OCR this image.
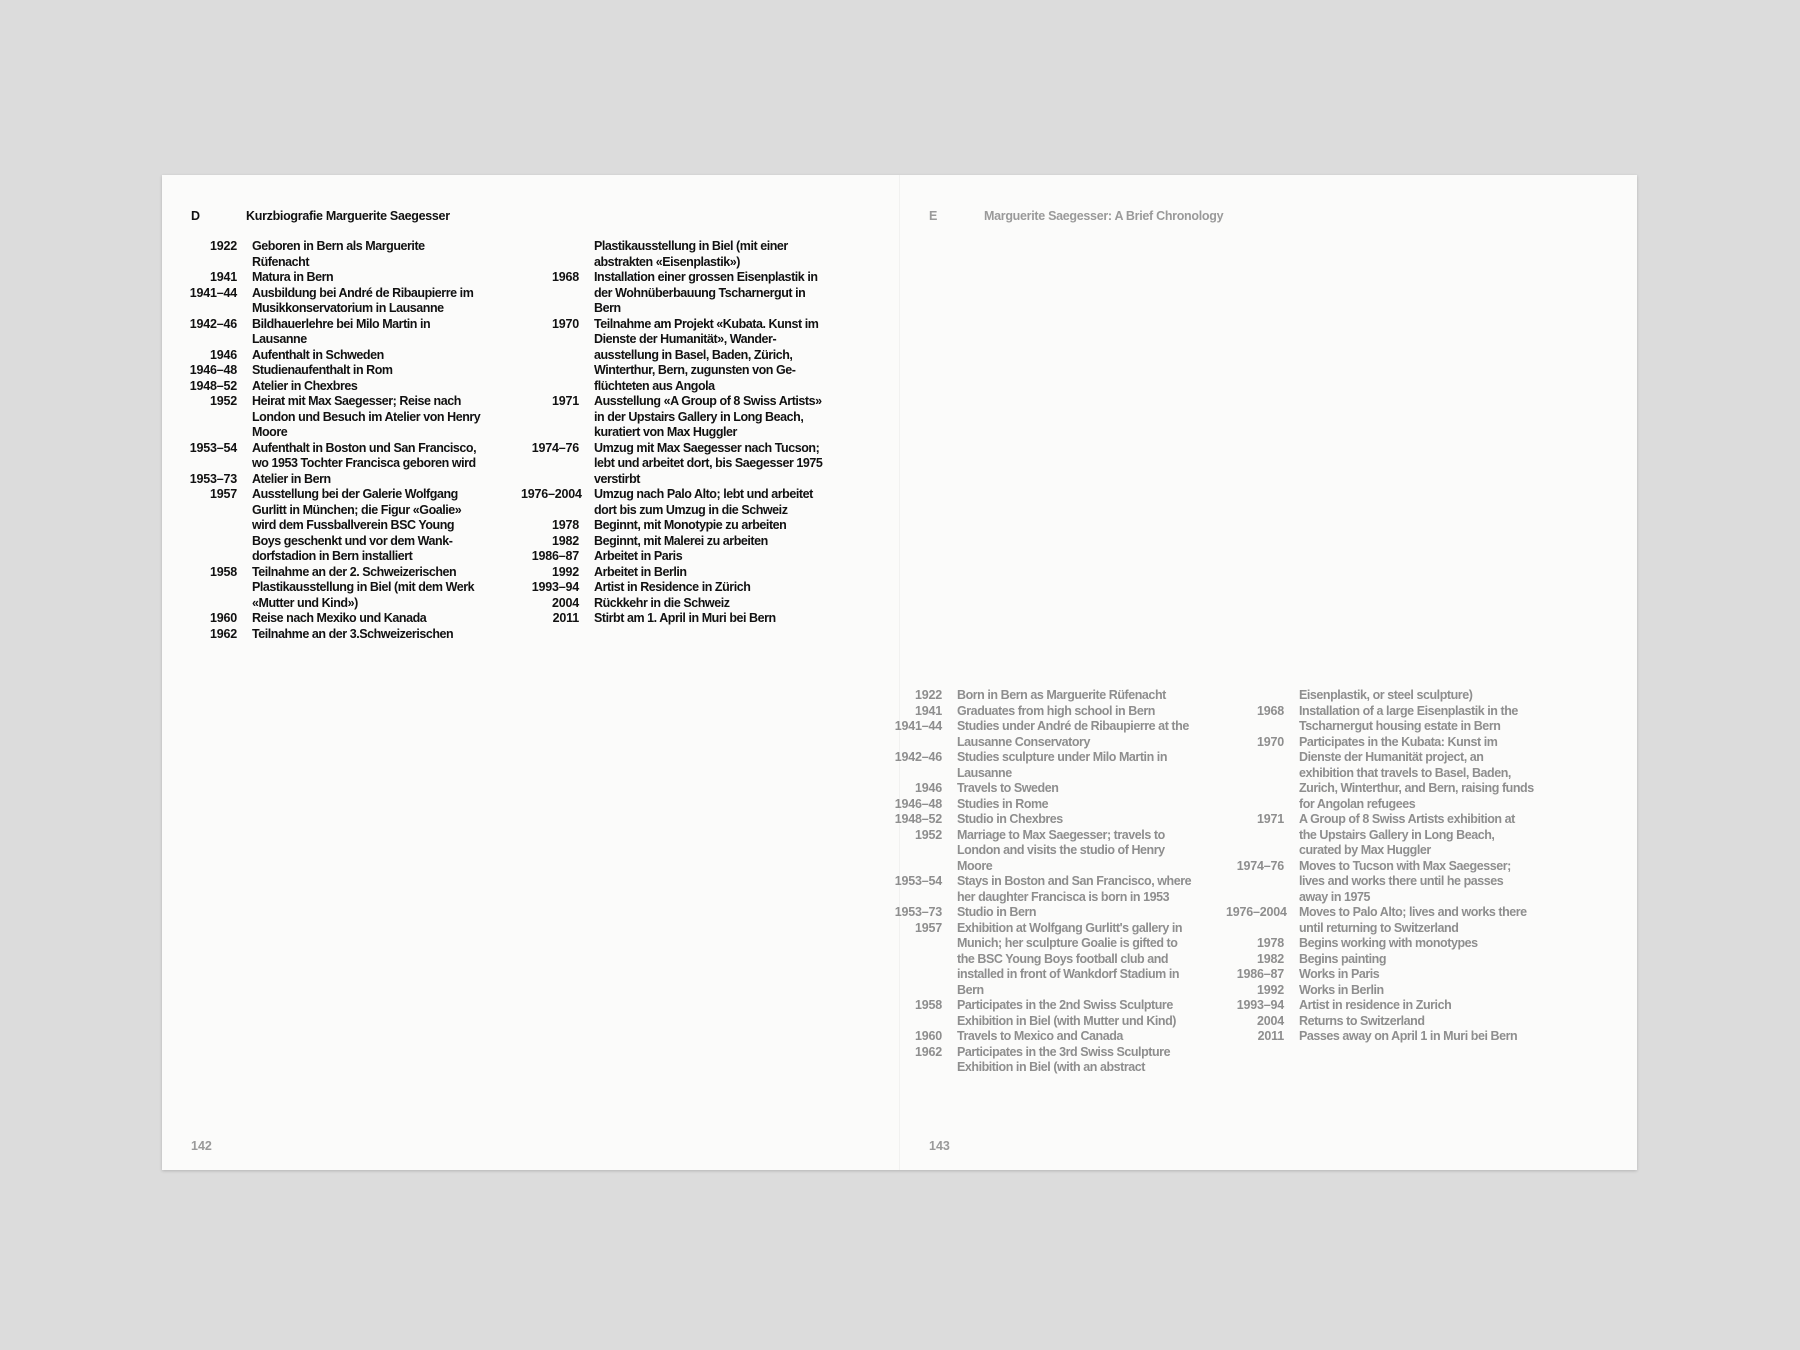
D	Kurzbiografie Marguerite Saegesser
1922 Geboren in Bern als Marguerite Rüfenacht
1941 Matura in Bern
1941–44 Ausbildung bei André de Ribaupierre im Musikkonservatorium in Lausanne
1942–46 Bildhauerlehre bei Milo Martin in Lausanne
1946 Aufenthalt in Schweden
1946–48 Studienaufenthalt in Rom
1948–52 Atelier in Chexbres
1952 Heirat mit Max Saegesser; Reise nach London und Besuch im Atelier von Henry Moore
1953–54 Aufenthalt in Boston und San Francisco, wo 1953 Tochter Francisca geboren wird
1953–73 Atelier in Bern
1957 Ausstellung bei der Galerie Wolfgang Gurlitt in München; die Figur «Goalie» wird dem Fussballverein BSC Young Boys geschenkt und vor dem Wankdorfstadion in Bern installiert
1958 Teilnahme an der 2. Schweizerischen Plastikausstellung in Biel (mit dem Werk «Mutter und Kind»)
1960 Reise nach Mexiko und Kanada
1962 Teilnahme an der 3.Schweizerischen
Plastikausstellung in Biel (mit einer abstrakten «Eisenplastik»)
1968 Installation einer grossen Eisenplastik in der Wohnüberbauung Tscharnergut in Bern
1970 Teilnahme am Projekt «Kubata. Kunst im Dienste der Humanität», Wanderausstellung in Basel, Baden, Zürich, Winterthur, Bern, zugunsten von Geflüchteten aus Angola
1971 Ausstellung «A Group of 8 Swiss Artists» in der Upstairs Gallery in Long Beach, kuratiert von Max Huggler
1974–76 Umzug mit Max Saegesser nach Tucson; lebt und arbeitet dort, bis Saegesser 1975 verstirbt
1976–2004 Umzug nach Palo Alto; lebt und arbeitet dort bis zum Umzug in die Schweiz
1978 Beginnt, mit Monotypie zu arbeiten
1982 Beginnt, mit Malerei zu arbeiten
1986–87 Arbeitet in Paris
1992 Arbeitet in Berlin
1993–94 Artist in Residence in Zürich
2004 Rückkehr in die Schweiz
2011 Stirbt am 1. April in Muri bei Bern
142
E	Marguerite Saegesser: A Brief Chronology
1922 Born in Bern as Marguerite Rüfenacht
1941 Graduates from high school in Bern
1941–44 Studies under André de Ribaupierre at the Lausanne Conservatory
1942–46 Studies sculpture under Milo Martin in Lausanne
1946 Travels to Sweden
1946–48 Studies in Rome
1948–52 Studio in Chexbres
1952 Marriage to Max Saegesser; travels to London and visits the studio of Henry Moore
1953–54 Stays in Boston and San Francisco, where her daughter Francisca is born in 1953
1953–73 Studio in Bern
1957 Exhibition at Wolfgang Gurlitt's gallery in Munich; her sculpture Goalie is gifted to the BSC Young Boys football club and installed in front of Wankdorf Stadium in Bern
1958 Participates in the 2nd Swiss Sculpture Exhibition in Biel (with Mutter und Kind)
1960 Travels to Mexico and Canada
1962 Participates in the 3rd Swiss Sculpture Exhibition in Biel (with an abstract
Eisenplastik, or steel sculpture)
1968 Installation of a large Eisenplastik in the Tscharnergut housing estate in Bern
1970 Participates in the Kubata: Kunst im Dienste der Humanität project, an exhibition that travels to Basel, Baden, Zurich, Winterthur, and Bern, raising funds for Angolan refugees
1971 A Group of 8 Swiss Artists exhibition at the Upstairs Gallery in Long Beach, curated by Max Huggler
1974–76 Moves to Tucson with Max Saegesser; lives and works there until he passes away in 1975
1976–2004 Moves to Palo Alto; lives and works there until returning to Switzerland
1978 Begins working with monotypes
1982 Begins painting
1986–87 Works in Paris
1992 Works in Berlin
1993–94 Artist in residence in Zurich
2004 Returns to Switzerland
2011 Passes away on April 1 in Muri bei Bern
143
